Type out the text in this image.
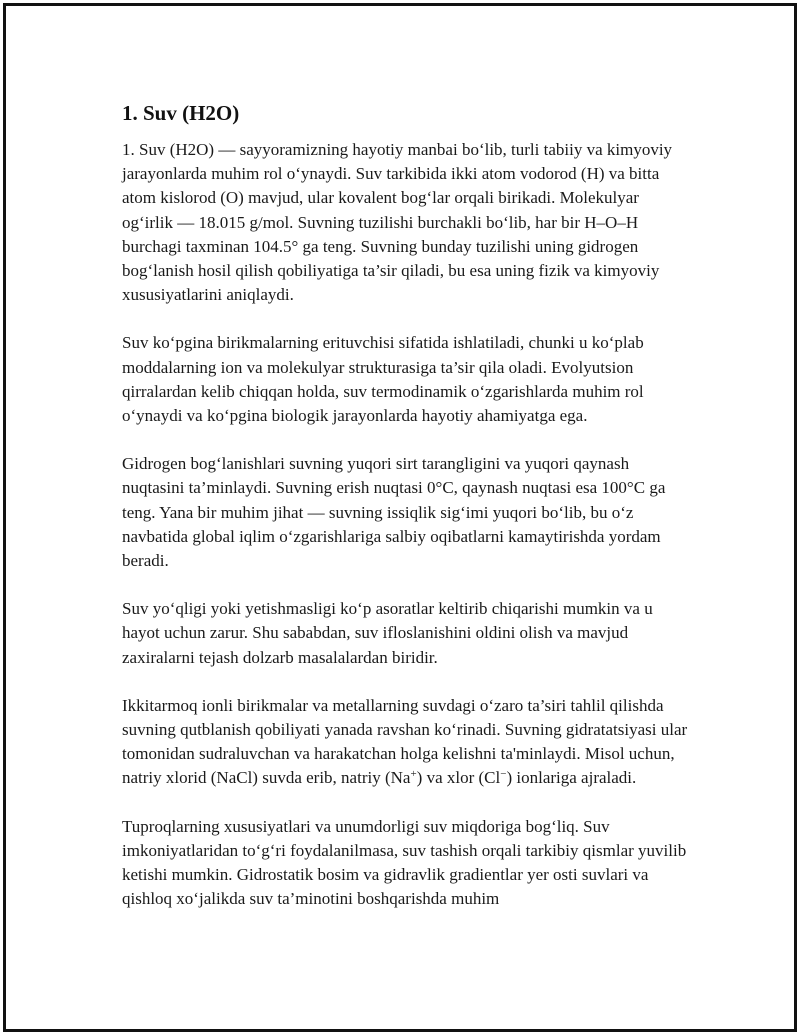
1. Suv (H2O)

1. Suv (H2O) — sayyoramizning hayotiy manbai bo‘lib, turli tabiiy va kimyoviy jarayonlarda muhim rol o‘ynaydi. Suv tarkibida ikki atom vodorod (H) va bitta atom kislorod (O) mavjud, ular kovalent bog‘lar orqali birikadi. Molekulyar og‘irlik — 18.015 g/mol. Suvning tuzilishi burchakli bo‘lib, har bir H–O–H burchagi taxminan 104.5° ga teng. Suvning bunday tuzilishi uning gidrogen bog‘lanish hosil qilish qobiliyatiga ta’sir qiladi, bu esa uning fizik va kimyoviy xususiyatlarini aniqlaydi.

Suv ko‘pgina birikmalarning erituvchisi sifatida ishlatiladi, chunki u ko‘plab moddalarning ion va molekulyar strukturasiga ta’sir qila oladi. Evolyutsion qirralardan kelib chiqqan holda, suv termodinamik o‘zgarishlarda muhim rol o‘ynaydi va ko‘pgina biologik jarayonlarda hayotiy ahamiyatga ega.

Gidrogen bog‘lanishlari suvning yuqori sirt tarangligini va yuqori qaynash nuqtasini ta’minlaydi. Suvning erish nuqtasi 0°C, qaynash nuqtasi esa 100°C ga teng. Yana bir muhim jihat — suvning issiqlik sig‘imi yuqori bo‘lib, bu o‘z navbatida global iqlim o‘zgarishlariga salbiy oqibatlarni kamaytirishda yordam beradi.

Suv yo‘qligi yoki yetishmasligi ko‘p asoratlar keltirib chiqarishi mumkin va u hayot uchun zarur. Shu sababdan, suv ifloslanishini oldini olish va mavjud zaxiralarni tejash dolzarb masalalardan biridir.

Ikkitarmoq ionli birikmalar va metallarning suvdagi o‘zaro ta’siri tahlil qilishda suvning qutblanish qobiliyati yanada ravshan ko‘rinadi. Suvning gidratatsiyasi ular tomonidan sudraluvchan va harakatchan holga kelishni ta'minlaydi. Misol uchun, natriy xlorid (NaCl) suvda erib, natriy (Na+) va xlor (Cl−) ionlariga ajraladi.

Tuproqlarning xususiyatlari va unumdorligi suv miqdoriga bog‘liq. Suv imkoniyatlaridan to‘g‘ri foydalanilmasa, suv tashish orqali tarkibiy qismlar yuvilib ketishi mumkin. Gidrostatik bosim va gidravlik gradientlar yer osti suvlari va qishloq xo‘jalikda suv ta’minotini boshqarishda muhim
